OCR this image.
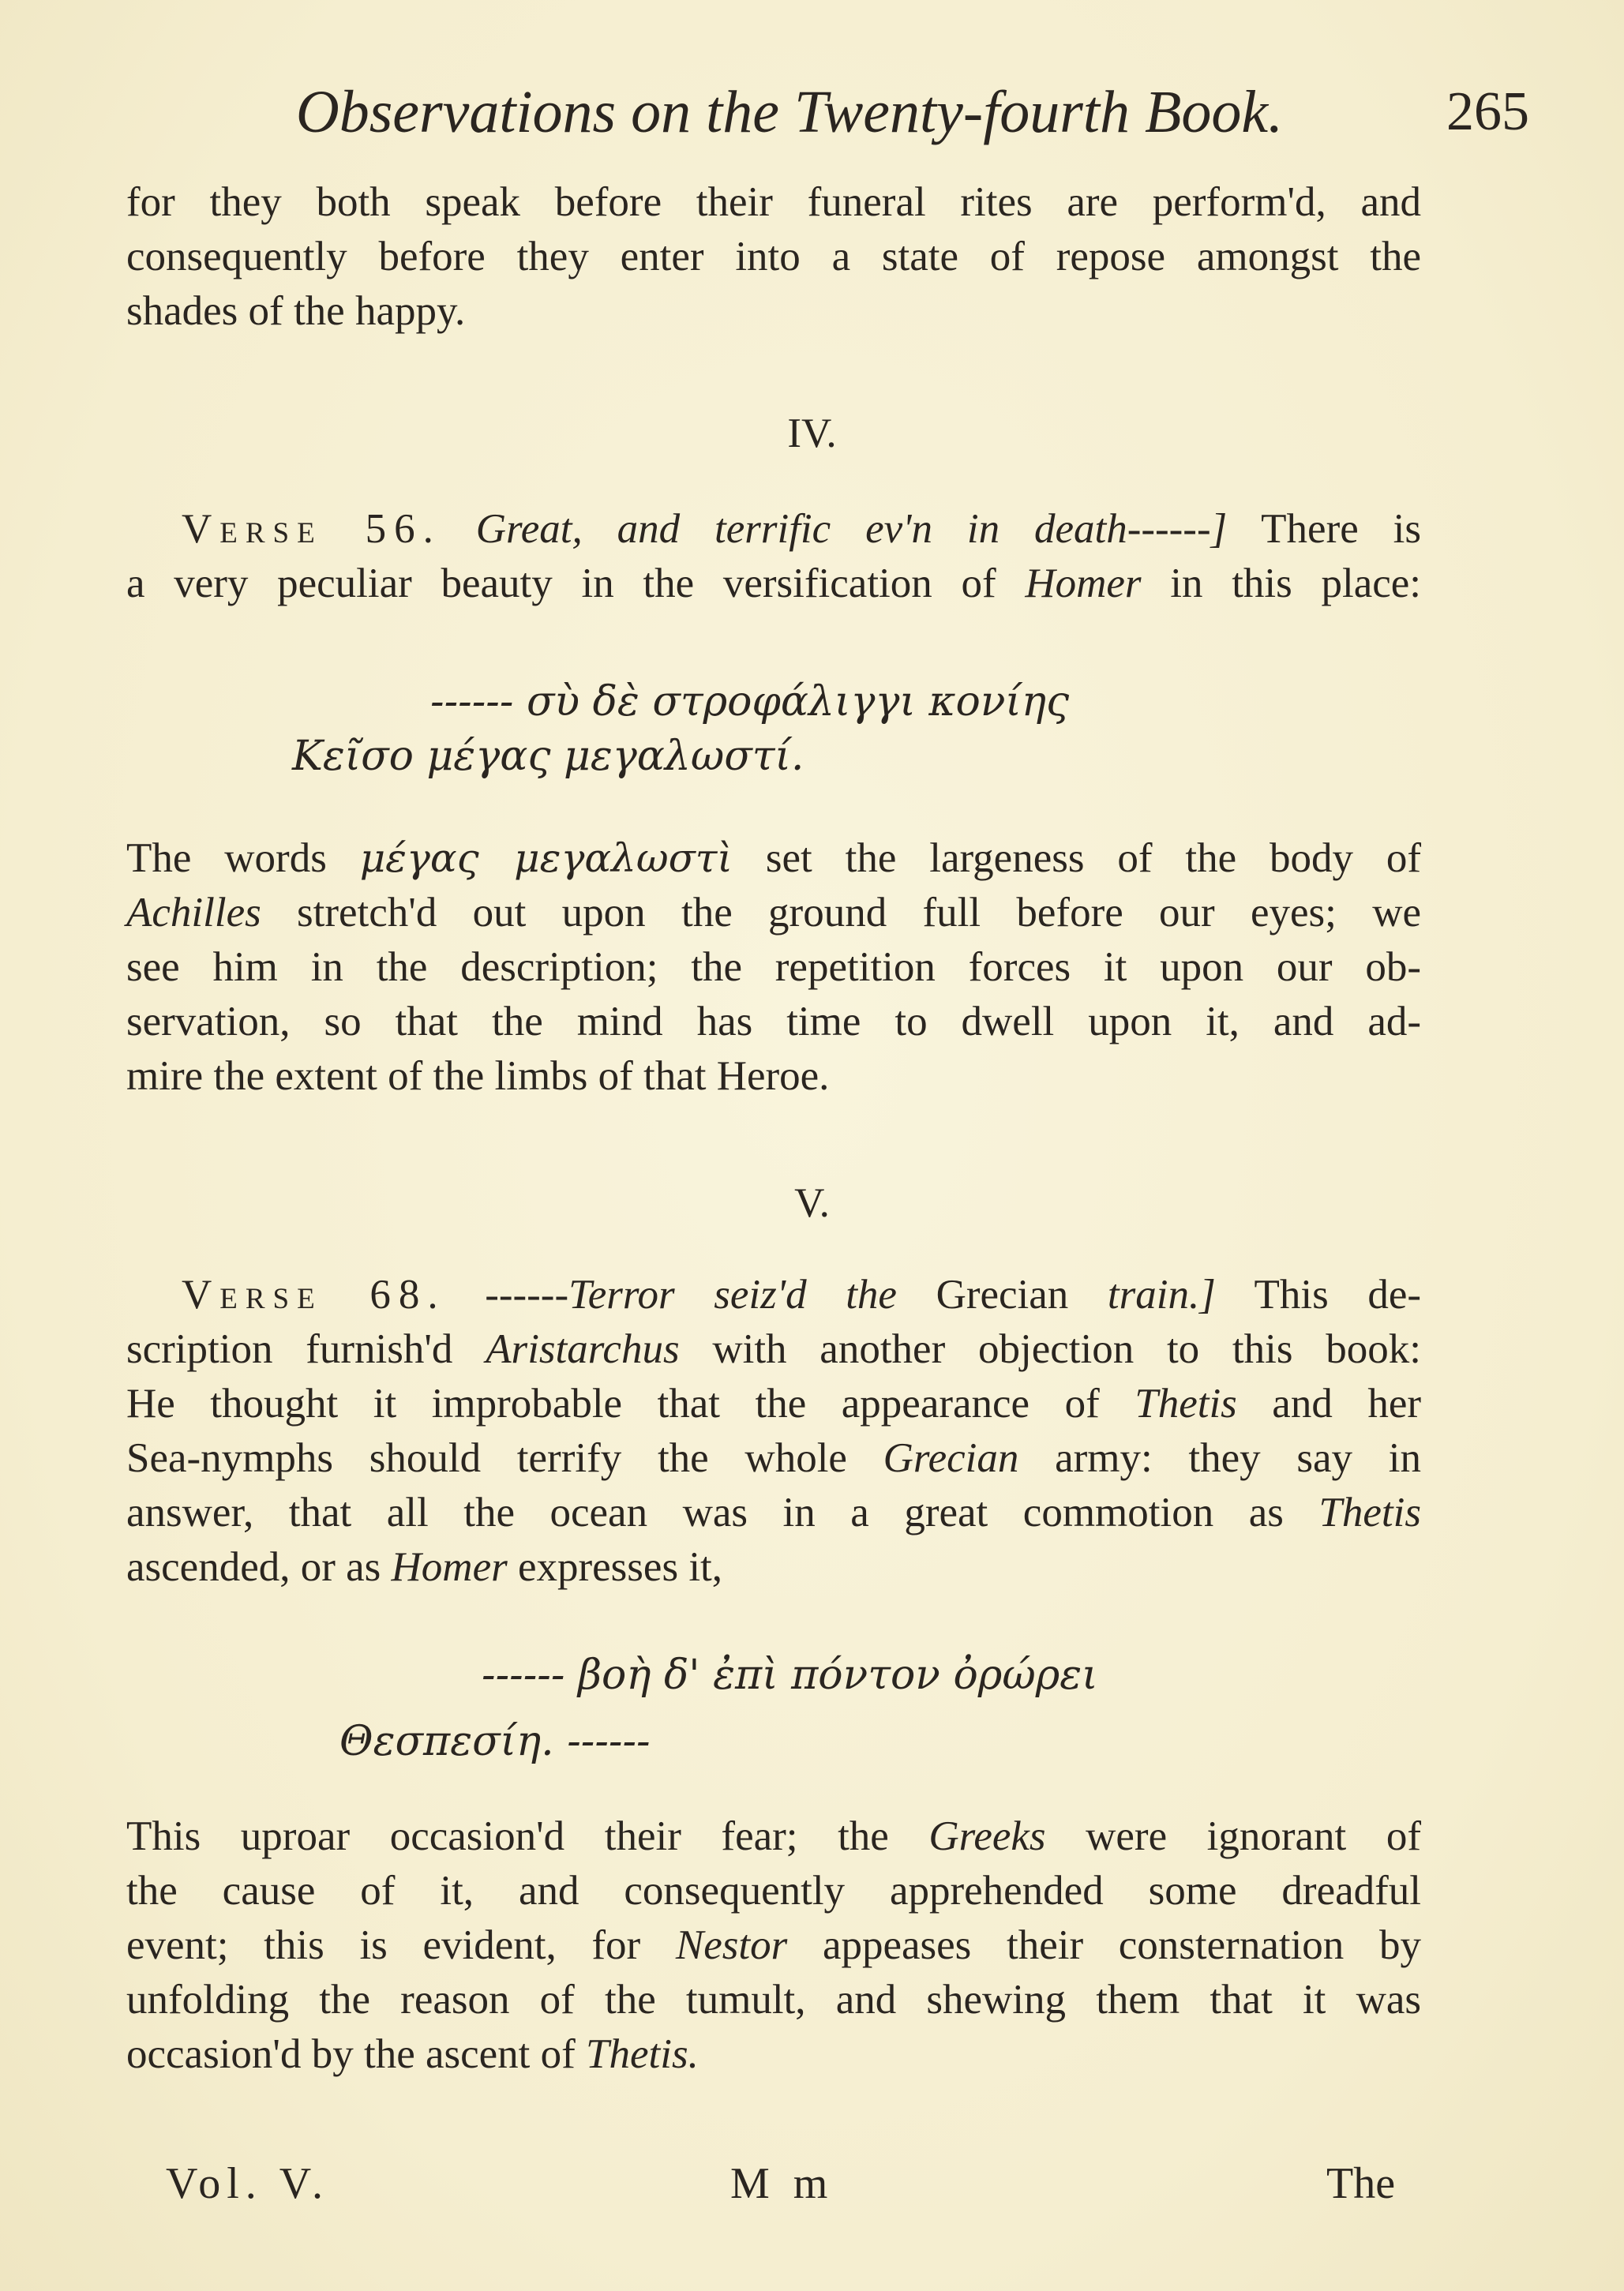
Observations on the Twenty-fourth Book.	265

for they both speak before their funeral rites are perform'd, and

consequently before they enter into a state of repose amongst the

shades of the happy.

IV.

Verse 56. Great, and terrific ev'n in death------] There is

a very peculiar beauty in the versification of Homer in this place:

------ σὺ δὲ στροφάλιγγι κονίης
Κεῖσο μέγας μεγαλωστί.

The words μέγας μεγαλωστὶ set the largeness of the body of

Achilles stretch'd out upon the ground full before our eyes; we

see him in the description; the repetition forces it upon our ob-

servation, so that the mind has time to dwell upon it, and ad-

mire the extent of the limbs of that Heroe.

V.

Verse 68. ------Terror seiz'd the Grecian train.] This de-

scription furnish'd Aristarchus with another objection to this book:

He thought it improbable that the appearance of Thetis and her

Sea-nymphs should terrify the whole Grecian army: they say in

answer, that all the ocean was in a great commotion as Thetis

ascended, or as Homer expresses it,

------ βοὴ δ' ἐπὶ πόντον ὀρώρει
Θεσπεσίη. ------

This uproar occasion'd their fear; the Greeks were ignorant of

the cause of it, and consequently apprehended some dreadful

event; this is evident, for Nestor appeases their consternation by

unfolding the reason of the tumult, and shewing them that it was

occasion'd by the ascent of Thetis.

Vol. V.	M m	The
